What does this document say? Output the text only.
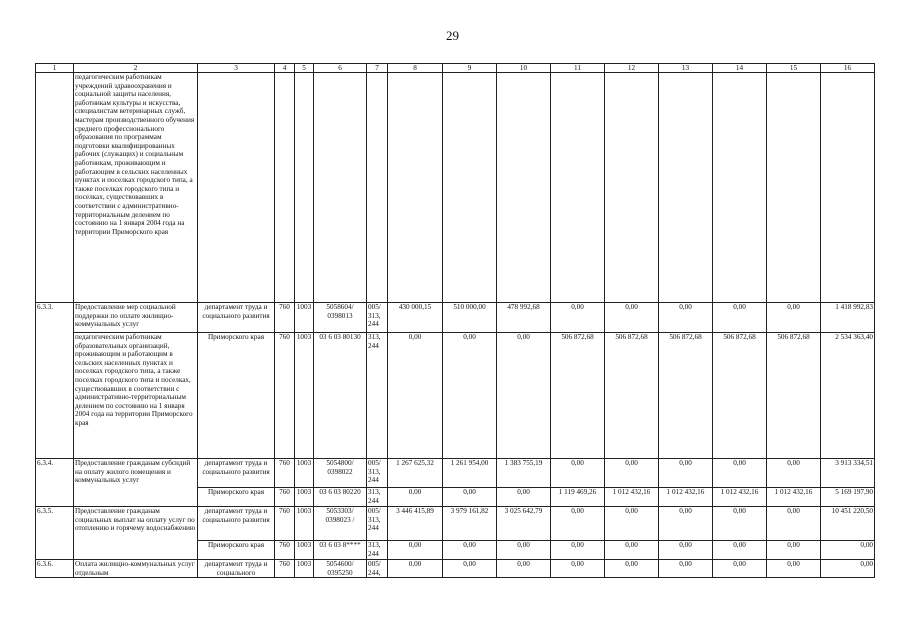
29
1	2	3	4	5	6	7	8	9	10	11	12	13	14	15	16
	педагогическим работникам учреждений здравоохранения и социальной защиты населения, работникам культуры и искусства, специалистам ветеринарных служб, мастерам производственного обучения среднего профессионального образования по программам подготовки квалифицированных рабочих (служащих) и социальным работникам, проживающим и работающим в сельских населенных пунктах и поселках городского типа, а также поселках городского типа и поселках, существовавших в соответствии с административно-территориальным делением по состоянию на 1 января 2004 года на территории Приморского края														
6.3.3.	Предоставление мер социальной поддержки по оплате жилищно-коммунальных услуг	департамент труда и социального развития	760	1003	5058604/ 0398013	005/ 313, 244	430 000,15	510 000,00	478 992,68	0,00	0,00	0,00	0,00	0,00	1 418 992,83
	педагогическим работникам образовательных организаций, проживающим и работающим в сельских населенных пунктах и поселках городского типа, а также поселках городского типа и поселках, существовавших в соответствии с административно-территориальным делением по состоянию на 1 января 2004 года на территории Приморского края	Приморского края	760	1003	03 6 03 80130	313, 244	0,00	0,00	0,00	506 872,68	506 872,68	506 872,68	506 872,68	506 872,68	2 534 363,40
6.3.4.	Предоставление гражданам субсидий на оплату жилого помещения и коммунальных услуг	департамент труда и социального развития	760	1003	5054800/ 0398022	005/ 313, 244	1 267 625,32	1 261 954,00	1 383 755,19	0,00	0,00	0,00	0,00	0,00	3 913 334,51
		Приморского края	760	1003	03 6 03 80220	313, 244	0,00	0,00	0,00	1 119 469,26	1 012 432,16	1 012 432,16	1 012 432,16	1 012 432,16	5 169 197,90
6.3.5.	Предоставление гражданам социальных выплат на оплату услуг по отоплению и горячему водоснабжению	департамент труда и социального развития	760	1003	5053303/ 0398023 /	005/ 313, 244	3 446 415,89	3 979 161,82	3 025 642,79	0,00	0,00	0,00	0,00	0,00	10 451 220,50
		Приморского края	760	1003	03 6 03 8****	313, 244	0,00	0,00	0,00	0,00	0,00	0,00	0,00	0,00	0,00
6.3.6.	Оплата жилищно-коммунальных услуг отдельным	департамент труда и социального	760	1003	5054600/ 0395250	005/ 244,	0,00	0,00	0,00	0,00	0,00	0,00	0,00	0,00	0,00
